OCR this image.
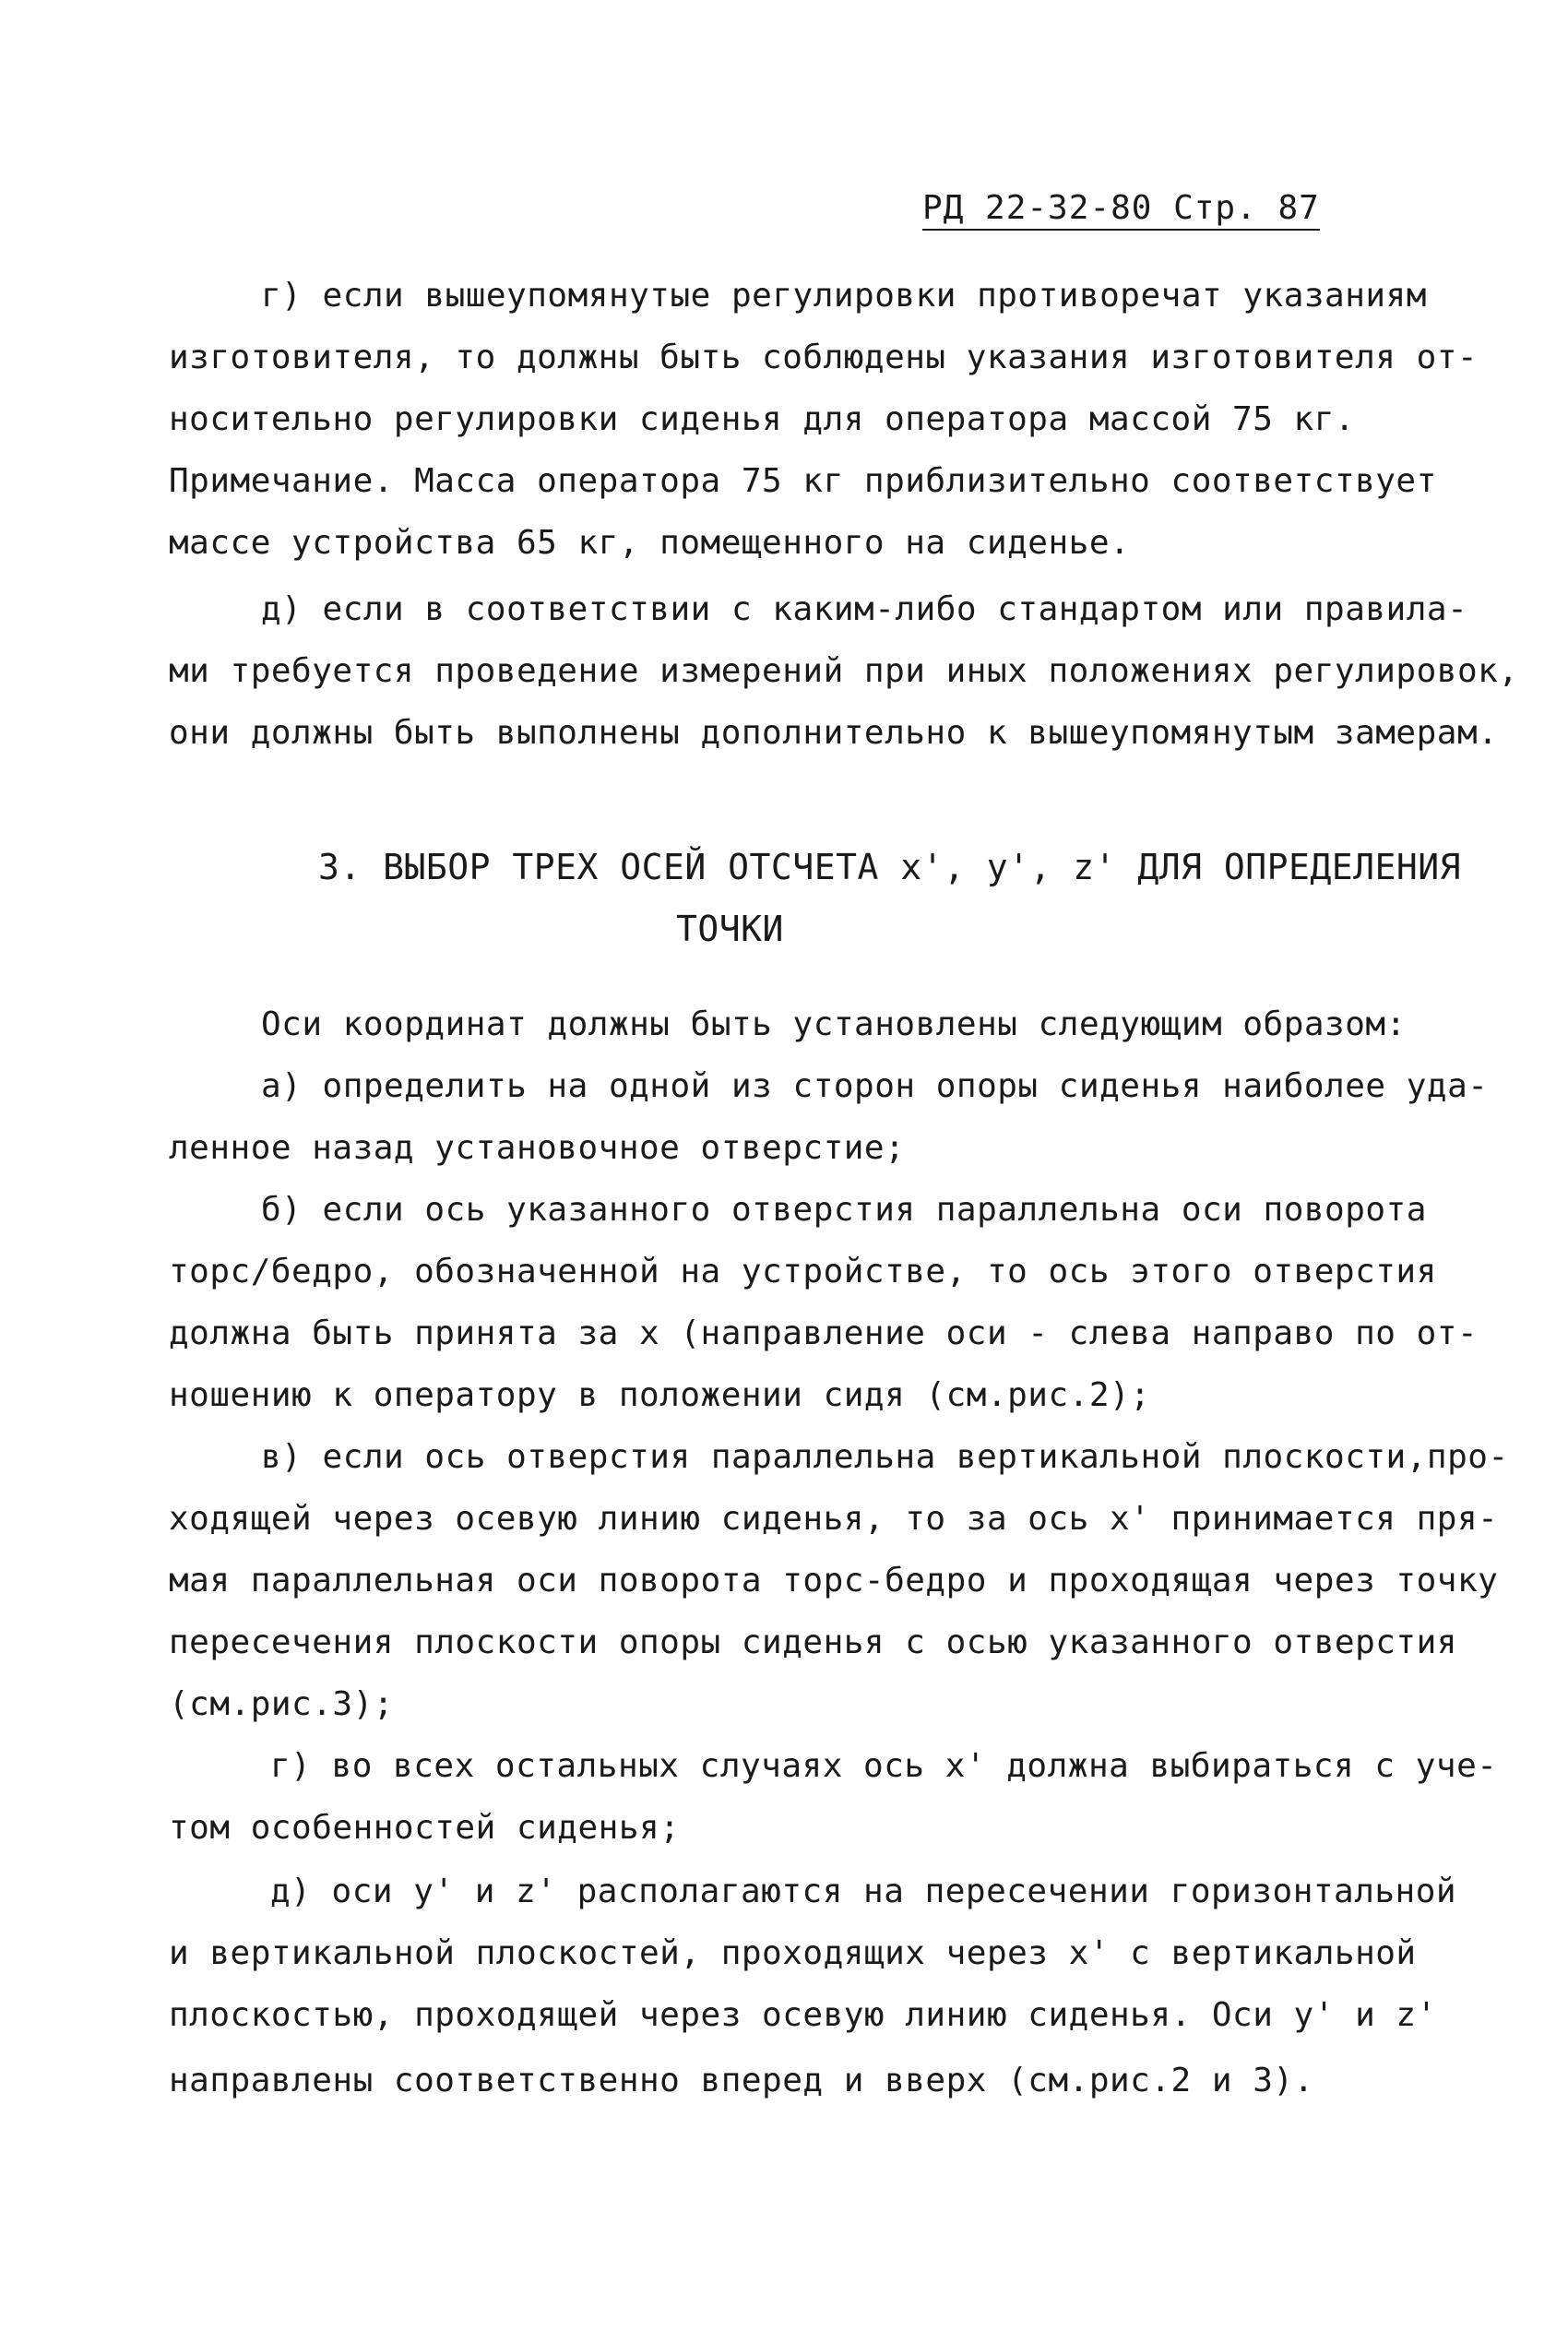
РД 22-32-80 Стр. 87
г) если вышеупомянутые регулировки противоречат указаниям
изготовителя, то должны быть соблюдены указания изготовителя от-
носительно регулировки сиденья для оператора массой 75 кг.
Примечание. Масса оператора 75 кг приблизительно соответствует
массе устройства 65 кг, помещенного на сиденье.
д) если в соответствии с каким-либо стандартом или правила-
ми требуется проведение измерений при иных положениях регулировок,
они должны быть выполнены дополнительно к вышеупомянутым замерам.
3. ВЫБОР ТРЕХ ОСЕЙ ОТСЧЕТА x', y', z' ДЛЯ ОПРЕДЕЛЕНИЯ
ТОЧКИ
Оси координат должны быть установлены следующим образом:
а) определить на одной из сторон опоры сиденья наиболее уда-
ленное назад установочное отверстие;
б) если ось указанного отверстия параллельна оси поворота
торс/бедро, обозначенной на устройстве, то ось этого отверстия
должна быть принята за x (направление оси - слева направо по от-
ношению к оператору в положении сидя (см.рис.2);
в) если ось отверстия параллельна вертикальной плоскости,про-
ходящей через осевую линию сиденья, то за ось x' принимается пря-
мая параллельная оси поворота торс-бедро и проходящая через точку
пересечения плоскости опоры сиденья с осью указанного отверстия
(см.рис.3);
г) во всех остальных случаях ось x' должна выбираться с уче-
том особенностей сиденья;
д) оси y' и z' располагаются на пересечении горизонтальной
и вертикальной плоскостей, проходящих через x' с вертикальной
плоскостью, проходящей через осевую линию сиденья. Оси y' и z'
направлены соответственно вперед и вверх (см.рис.2 и 3).
